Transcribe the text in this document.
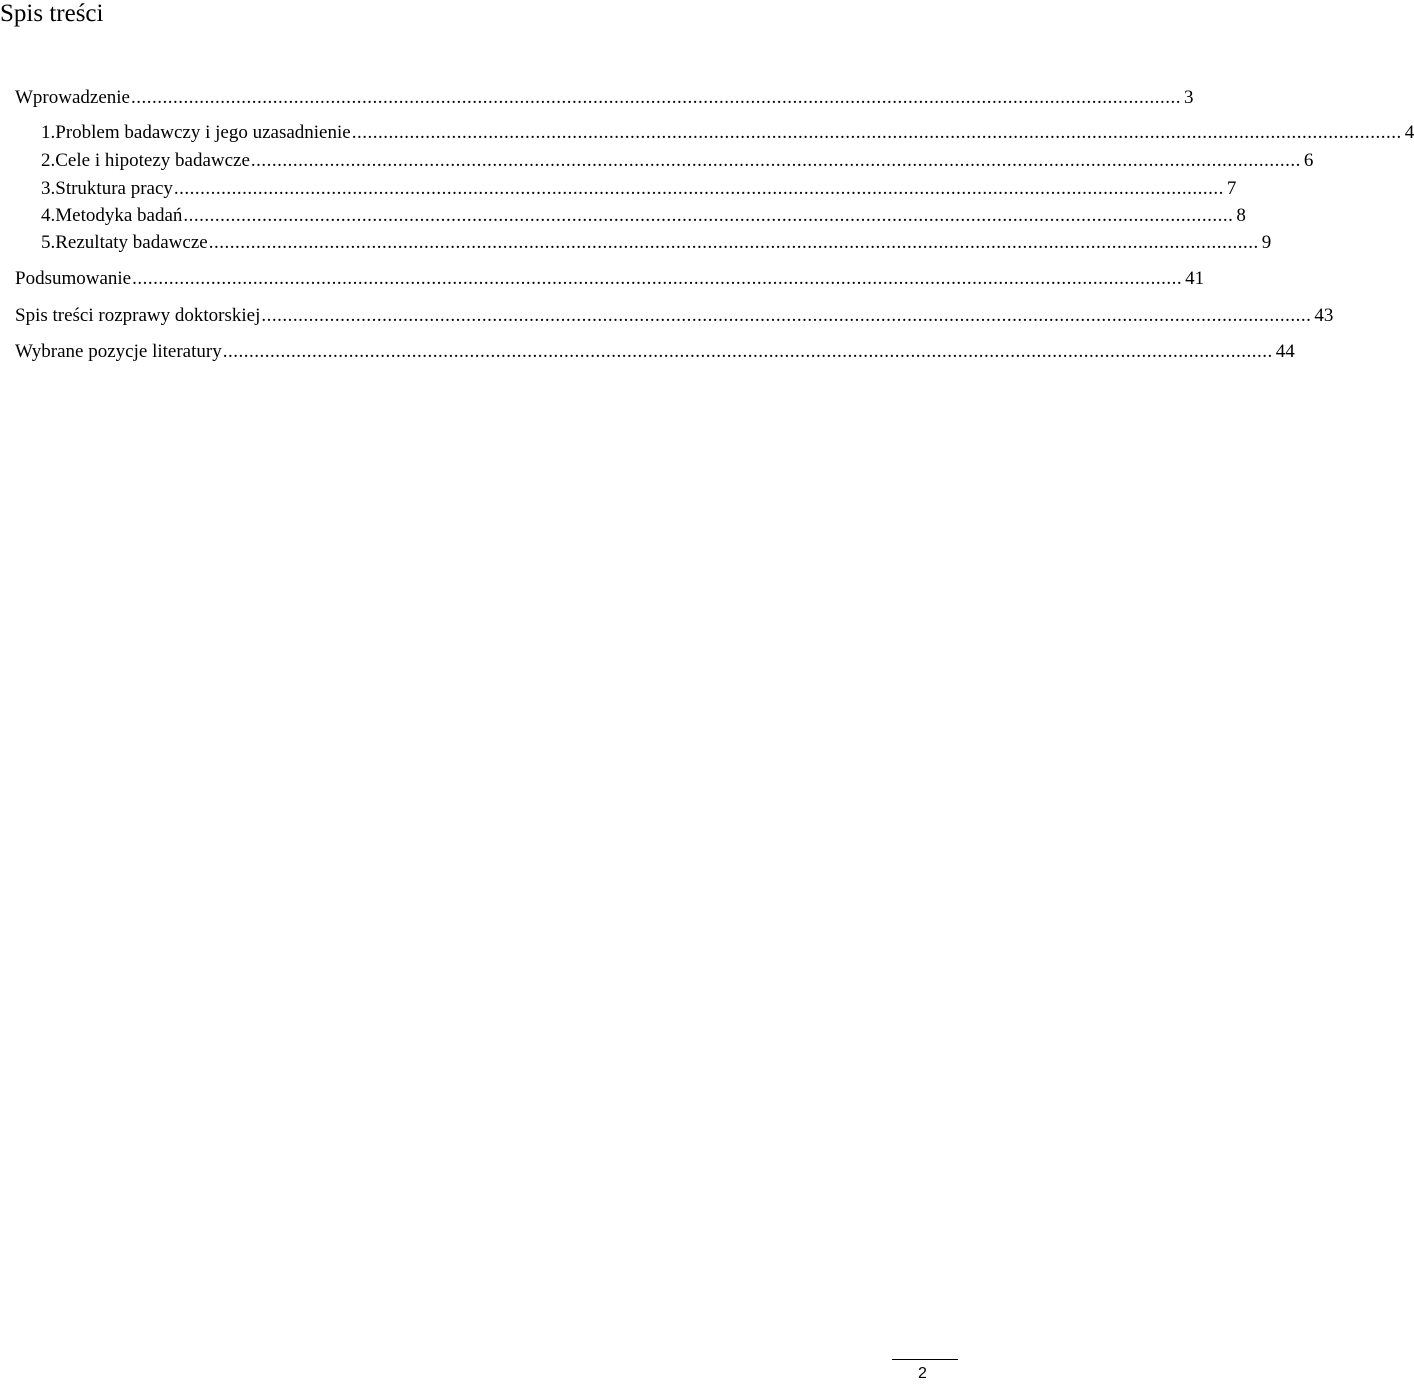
Spis treści
Wprowadzenie ........................................................................................................................................................................................................ 3
1. Problem badawczy i jego uzasadnienie ........................................................................................................................................................................................................ 4
2. Cele i hipotezy badawcze ........................................................................................................................................................................................................ 6
3. Struktura pracy ........................................................................................................................................................................................................ 7
4. Metodyka badań ........................................................................................................................................................................................................ 8
5. Rezultaty badawcze ........................................................................................................................................................................................................ 9
Podsumowanie ........................................................................................................................................................................................................ 41
Spis treści rozprawy doktorskiej ........................................................................................................................................................................................................ 43
Wybrane pozycje literatury ........................................................................................................................................................................................................ 44
2
